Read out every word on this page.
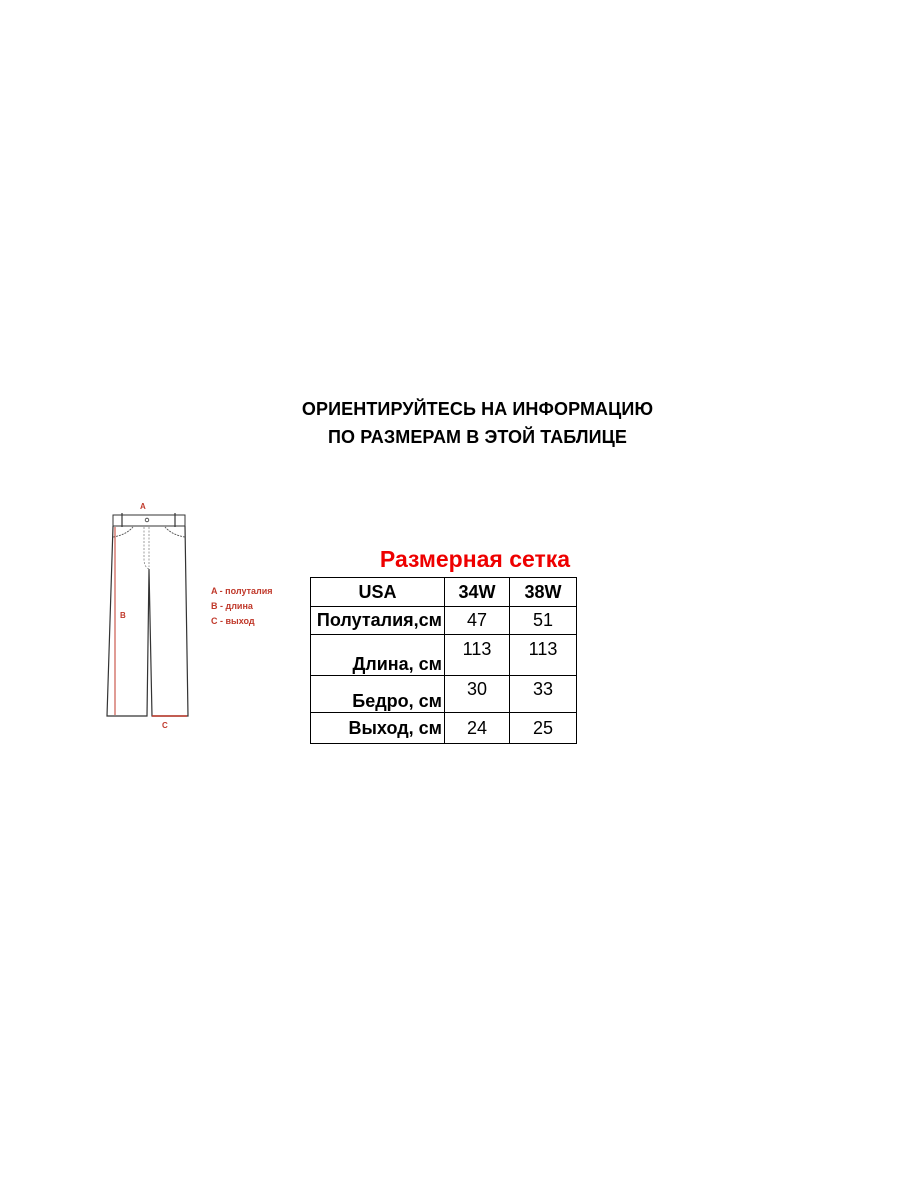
ОРИЕНТИРУЙТЕСЬ НА ИНФОРМАЦИЮ

ПО РАЗМЕРАМ В ЭТОЙ ТАБЛИЦЕ

A
B
C
A - полуталия
B - длина
C - выход

Размерная сетка

USA	34W	38W
Полуталия,см	47	51
Длина, см	113	113
Бедро, см	30	33
Выход, см	24	25
